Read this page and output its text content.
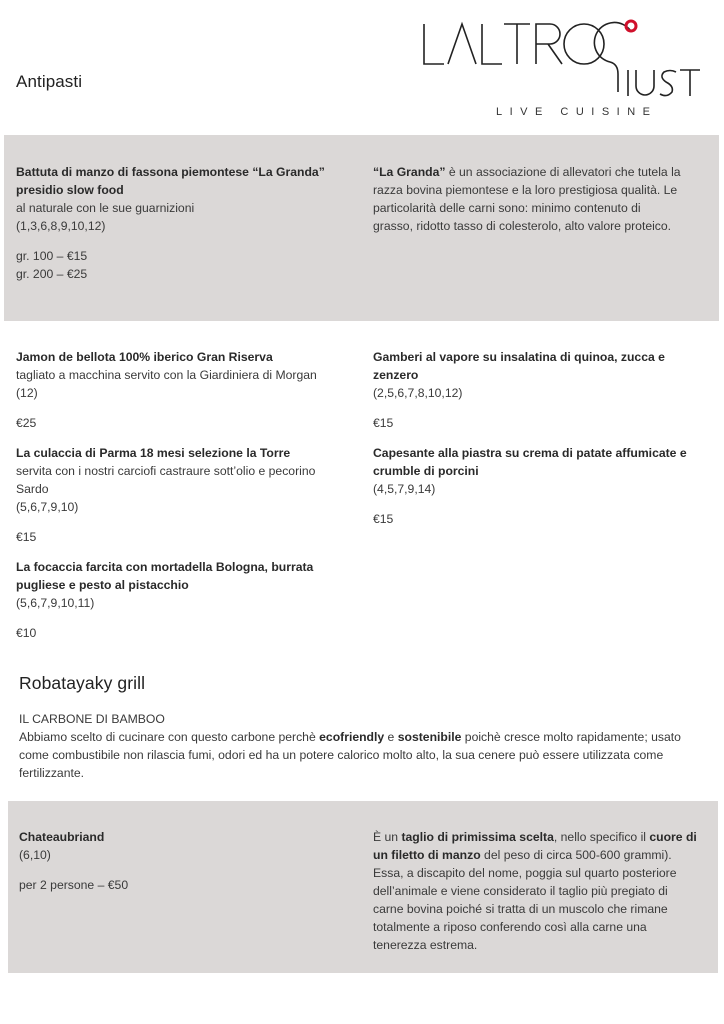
LIVE CUISINE
Antipasti
Battuta di manzo di fassona piemontese “La Granda” presidio slow food
al naturale con le sue guarnizioni
(1,3,6,8,9,10,12)
gr. 100 – €15
gr. 200 – €25
“La Granda” è un associazione di allevatori che tutela la razza bovina piemontese e la loro prestigiosa qualità. Le particolarità delle carni sono: minimo contenuto di grasso, ridotto tasso di colesterolo, alto valore proteico.
Jamon de bellota 100% iberico Gran Riserva
tagliato a macchina servito con la Giardiniera di Morgan
(12)
€25
La culaccia di Parma 18 mesi selezione la Torre
servita con i nostri carciofi castraure sott’olio e pecorino Sardo
(5,6,7,9,10)
€15
La focaccia farcita con mortadella Bologna, burrata pugliese e pesto al pistacchio
(5,6,7,9,10,11)
€10
Gamberi al vapore su insalatina di quinoa, zucca e zenzero
(2,5,6,7,8,10,12)
€15
Capesante alla piastra su crema di patate affumicate e crumble di porcini
(4,5,7,9,14)
€15
Robatayaky grill
IL CARBONE DI BAMBOO
Abbiamo scelto di cucinare con questo carbone perchè ecofriendly e sostenibile poichè cresce molto rapidamente; usato come combustibile non rilascia fumi, odori ed ha un potere calorico molto alto, la sua cenere può essere utilizzata come fertilizzante.
Chateaubriand
(6,10)
per 2 persone – €50
È un taglio di primissima scelta, nello specifico il cuore di un filetto di manzo del peso di circa 500-600 grammi).
Essa, a discapito del nome, poggia sul quarto posteriore dell’animale e viene considerato il taglio più pregiato di carne bovina poiché si tratta di un muscolo che rimane totalmente a riposo conferendo così alla carne una tenerezza estrema.
